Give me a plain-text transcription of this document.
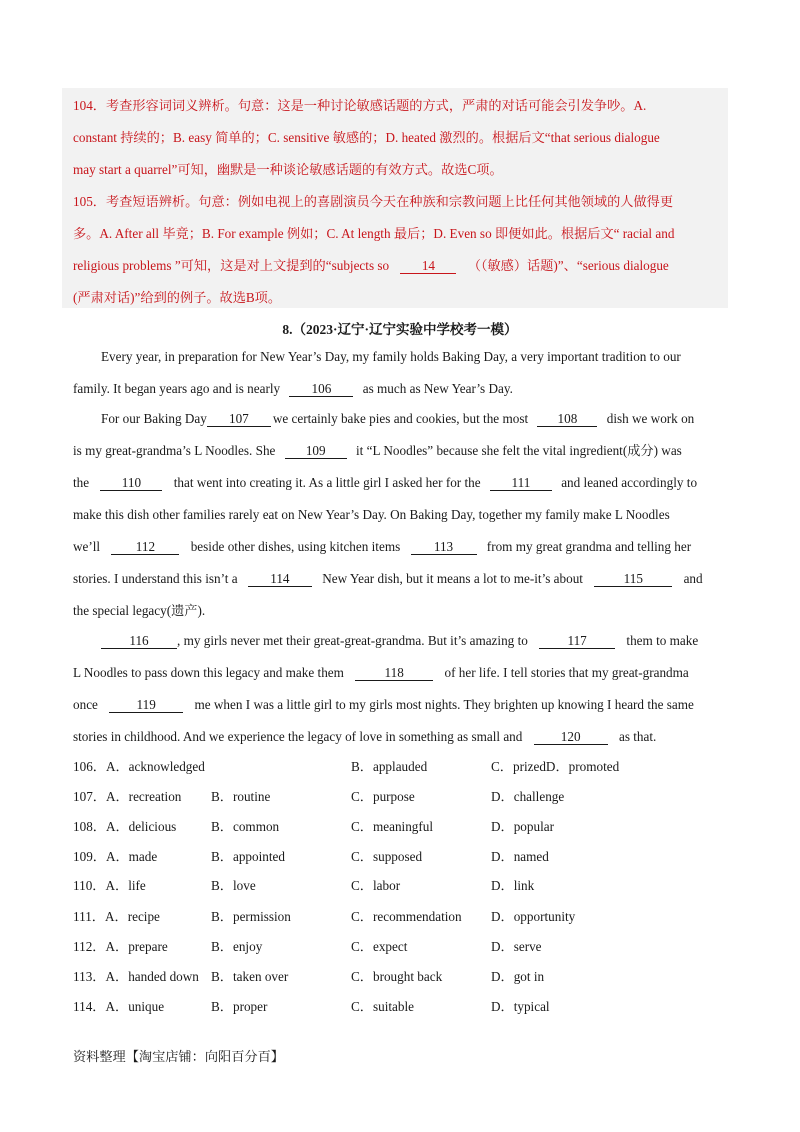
104．考查形容词词义辨析。句意：这是一种讨论敏感话题的方式，严肃的对话可能会引发争吵。A.
constant 持续的；B. easy 简单的；C. sensitive 敏感的；D. heated 激烈的。根据后文“that serious dialogue
may start a quarrel”可知，幽默是一种谈论敏感话题的有效方式。故选C项。
105．考查短语辨析。句意：例如电视上的喜剧演员今天在种族和宗教问题上比任何其他领域的人做得更
多。A. After all 毕竟；B. For example 例如；C. At length 最后；D. Even so 即便如此。根据后文“ racial and
religious problems ”可知，这是对上文提到的“subjects so 14 （（敏感）话题)”、“serious dialogue
(严肃对话)”给到的例子。故选B项。
8.（2023·辽宁·辽宁实验中学校考一模）
Every year, in preparation for New Year’s Day, my family holds Baking Day, a very important tradition to our
family. It began years ago and is nearly 106 as much as New Year’s Day.
For our Baking Day 107 we certainly bake pies and cookies, but the most 108 dish we work on
is my great-grandma’s L Noodles. She 109 it “L Noodles” because she felt the vital ingredient(成分) was
the 110 that went into creating it. As a little girl I asked her for the 111 and leaned accordingly to
make this dish other families rarely eat on New Year’s Day. On Baking Day, together my family make L Noodles
we’ll	112	beside other dishes, using kitchen items	113	from my great grandma and telling her
stories. I understand this isn’t a 114 New Year dish, but it means a lot to me-it’s about	115	and
the special legacy(遗产).
116 , my girls never met their great-great-grandma. But it’s amazing to	117	them to make
L Noodles to pass down this legacy and make them	118	of her life. I tell stories that my great-grandma
once	119	me when I was a little girl to my girls most nights. They brighten up knowing I heard the same
stories in childhood. And we experience the legacy of love in something as small and	120	as that.
106．A．acknowledged	B．applauded	C．prizedD．promoted
107．A．recreation B．routine	C．purpose	D．challenge
108．A．delicious	B．common	C．meaningful	D．popular
109．A．made	B．appointed	C．supposed	D．named
110．A．life	B．love	C．labor	D．link
111．A．recipe	B．permission	C．recommendation D．opportunity
112．A．prepare	B．enjoy	C．expect	D．serve
113．A．handed down B．taken over	C．brought back	D．got in
114．A．unique	B．proper	C．suitable	D．typical
资料整理【淘宝店铺：向阳百分百】
